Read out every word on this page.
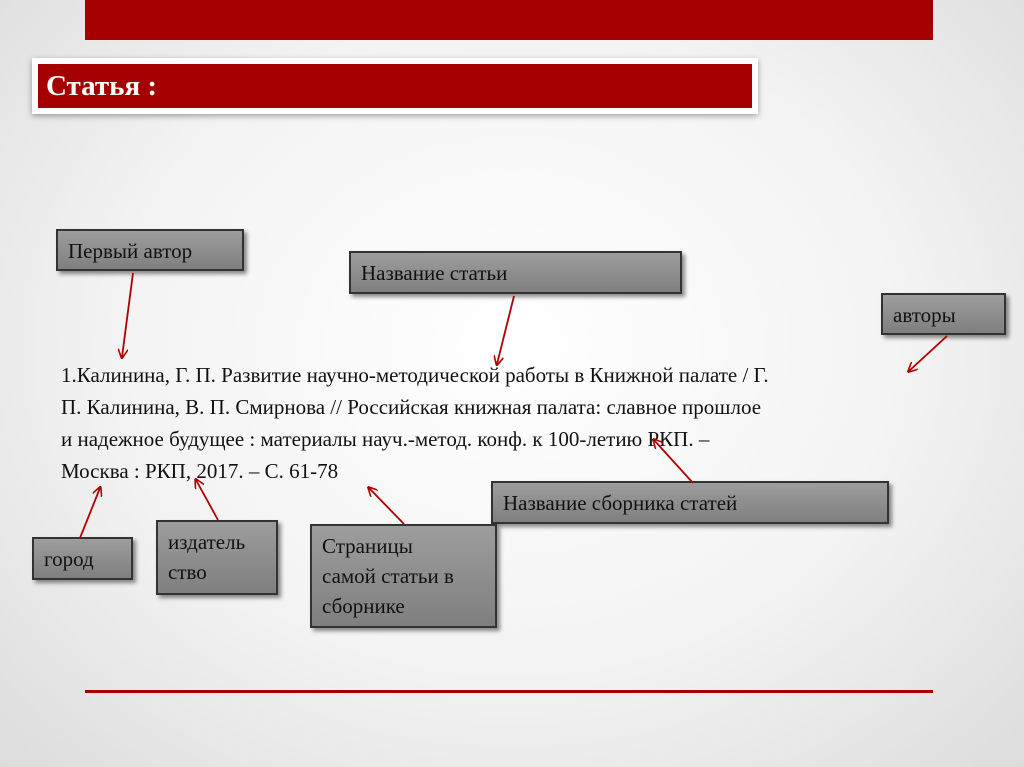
Статья :
Первый автор
Название статьи
авторы
1.Калинина, Г. П. Развитие научно-методической работы в Книжной палате / Г.
П. Калинина, В. П. Смирнова // Российская книжная палата: славное прошлое
и надежное будущее : материалы науч.-метод. конф. к 100-летию РКП. –
Москва : РКП, 2017. – С. 61-78
Название сборника статей
город
издатель
ство
Страницы
самой статьи в
сборнике
